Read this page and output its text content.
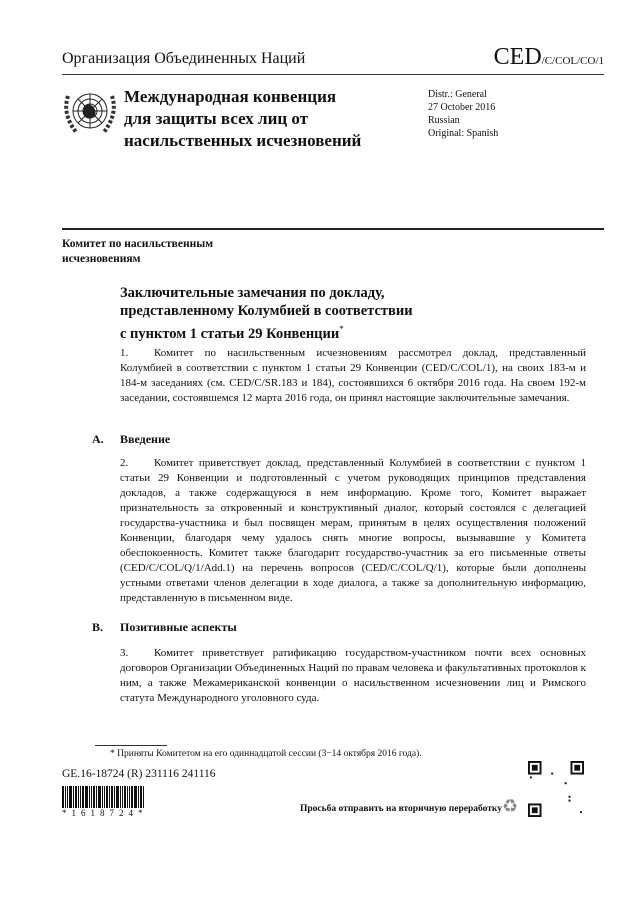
Организация Объединенных Наций	CED/C/COL/CO/1
Международная конвенция
для защиты всех лиц от
насильственных исчезновений
Distr.: General
27 October 2016
Russian
Original: Spanish
Комитет по насильственным
исчезновениям
Заключительные замечания по докладу,
представленному Колумбией в соответствии
с пунктом 1 статьи 29 Конвенции*
1. Комитет по насильственным исчезновениям рассмотрел доклад, представленный Колумбией в соответствии с пунктом 1 статьи 29 Конвенции (CED/C/COL/1), на своих 183-м и 184-м заседаниях (см. CED/C/SR.183 и 184), состоявшихся 6 октября 2016 года. На своем 192-м заседании, состоявшемся 12 марта 2016 года, он принял настоящие заключительные замечания.
A. Введение
2. Комитет приветствует доклад, представленный Колумбией в соответствии с пунктом 1 статьи 29 Конвенции и подготовленный с учетом руководящих принципов представления докладов, а также содержащуюся в нем информацию. Кроме того, Комитет выражает признательность за откровенный и конструктивный диалог, который состоялся с делегацией государства-участника и был посвящен мерам, принятым в целях осуществления положений Конвенции, благодаря чему удалось снять многие вопросы, вызывавшие у Комитета обеспокоенность. Комитет также благодарит государство-участник за его письменные ответы (CED/C/COL/Q/1/Add.1) на перечень вопросов (CED/C/COL/Q/1), которые были дополнены устными ответами членов делегации в ходе диалога, а также за дополнительную информацию, представленную в письменном виде.
B. Позитивные аспекты
3. Комитет приветствует ратификацию государством-участником почти всех основных договоров Организации Объединенных Наций по правам человека и факультативных протоколов к ним, а также Межамериканской конвенции о насильственном исчезновении лиц и Римского статута Международного уголовного суда.
* Приняты Комитетом на его одиннадцатой сессии (3−14 октября 2016 года).
GE.16-18724 (R) 231116 241116
*1618724*	Просьба отправить на вторичную переработку ♻
